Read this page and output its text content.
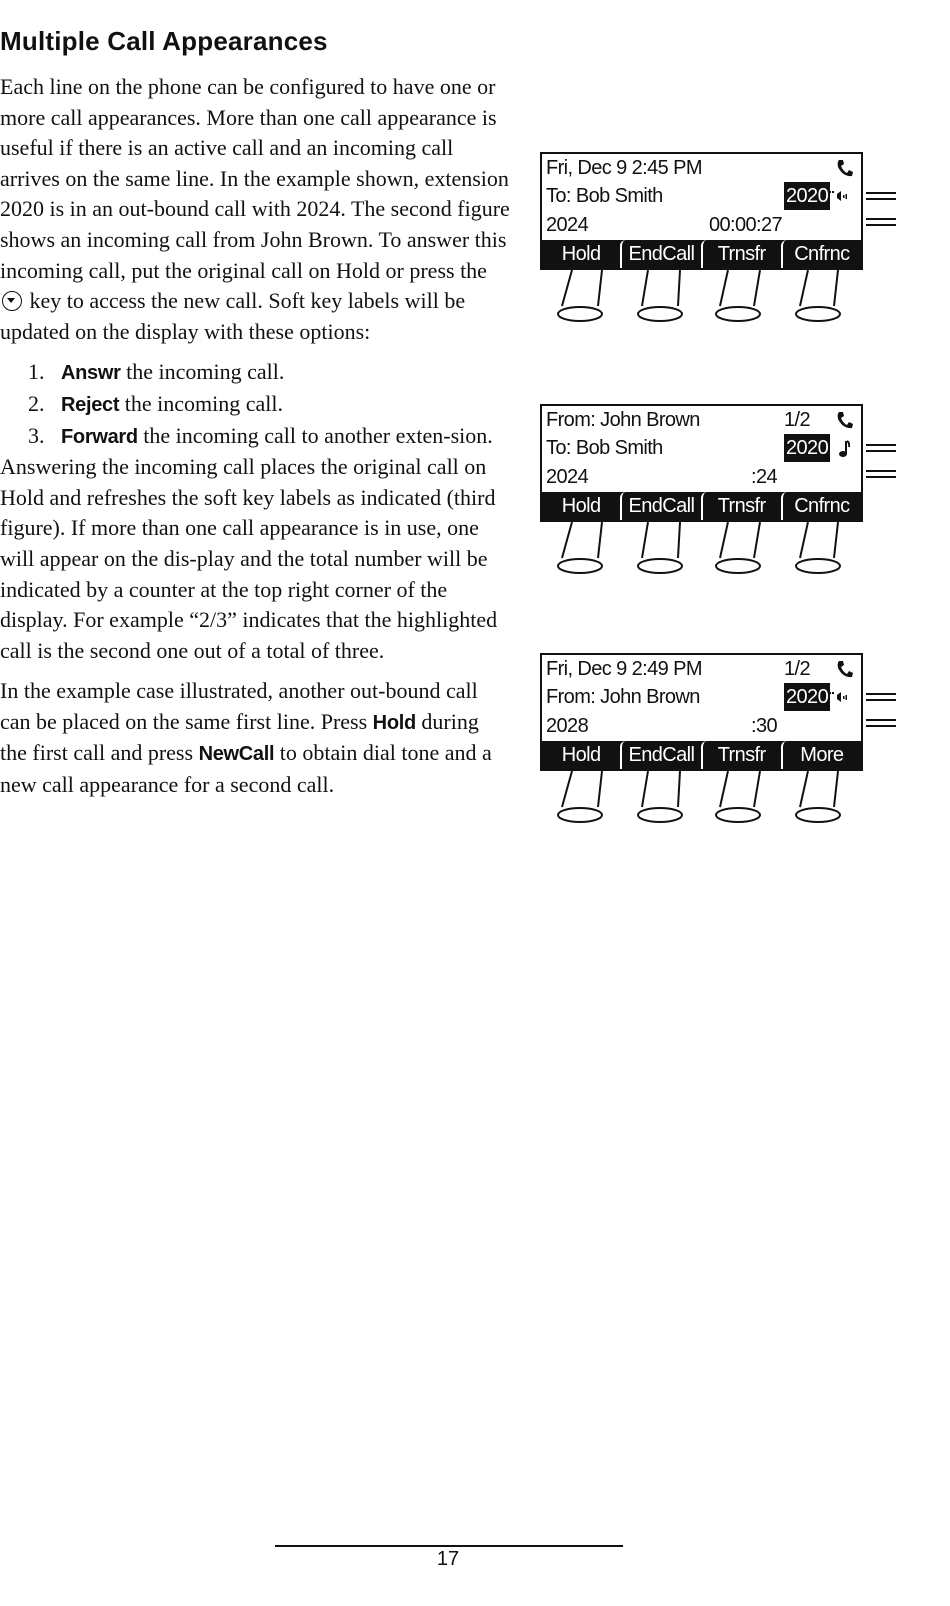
Multiple Call Appearances

Each line on the phone can be configured to have one or more call appearances. More than one call appearance is useful if there is an active call and an incoming call arrives on the same line. In the example shown, extension 2020 is in an out-bound call with 2024. The second figure shows an incoming call from John Brown. To answer this incoming call, put the original call on Hold or press the  key to access the new call. Soft key labels will be updated on the display with these options:

1. Answr the incoming call.
2. Reject the incoming call.
3. Forward the incoming call to another exten-sion.

Answering the incoming call places the original call on Hold and refreshes the soft key labels as indicated (third figure). If more than one call appearance is in use, one will appear on the dis-play and the total number will be indicated by a counter at the top right corner of the display. For example “2/3” indicates that the highlighted call is the second one out of a total of three.

In the example case illustrated, another out-bound call can be placed on the same first line. Press Hold during the first call and press NewCall to obtain dial tone and a new call appearance for a second call.

Fri, Dec 9 2:45 PM
To: Bob Smith	2020
2024	00:00:27
Hold	EndCall	Trnsfr	Cnfrnc
From: John Brown	1/2
To: Bob Smith	2020
2024	:24
Hold	EndCall	Trnsfr	Cnfrnc
Fri, Dec 9 2:49 PM	1/2
From: John Brown	2020
2028	:30
Hold	EndCall	Trnsfr	More
17
